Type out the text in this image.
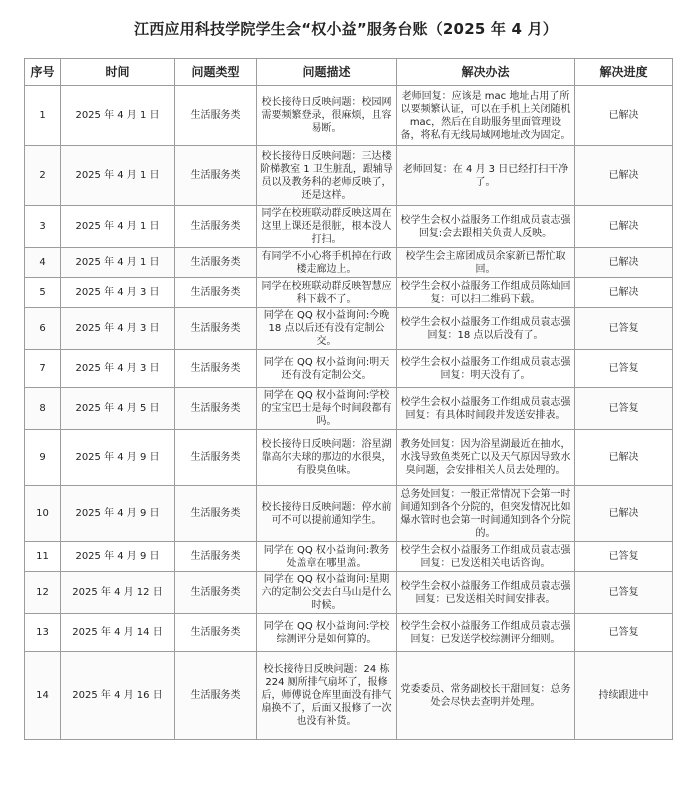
江西应用科技学院学生会“权小益”服务台账（2025 年 4 月）
序号	时间	问题类型	问题描述	解决办法	解决进度
1	2025 年 4 月 1 日	生活服务类	校长接待日反映问题：校园网需要频繁登录，很麻烦，且容易断。	老师回复：应该是 mac 地址占用了所以要频繁认证，可以在手机上关闭随机 mac，然后在自助服务里面管理设备，将私有无线局域网地址改为固定。	已解决
2	2025 年 4 月 1 日	生活服务类	校长接待日反映问题：三达楼阶梯教室 1 卫生脏乱，跟辅导员以及教务科的老师反映了，还是这样。	老师回复：在 4 月 3 日已经打扫干净了。	已解决
3	2025 年 4 月 1 日	生活服务类	同学在校班联动群反映这周在这里上课还是很脏，根本没人打扫。	校学生会权小益服务工作组成员袁志强回复:会去跟相关负责人反映。	已解决
4	2025 年 4 月 1 日	生活服务类	有同学不小心将手机掉在行政楼走廊边上。	校学生会主席团成员余家新已帮忙取回。	已解决
5	2025 年 4 月 3 日	生活服务类	同学在校班联动群反映智慧应科下载不了。	校学生会权小益服务工作组成员陈灿回复：可以扫二维码下载。	已解决
6	2025 年 4 月 3 日	生活服务类	同学在 QQ 权小益询问:今晚 18 点以后还有没有定制公交。	校学生会权小益服务工作组成员袁志强回复：18 点以后没有了。	已答复
7	2025 年 4 月 3 日	生活服务类	同学在 QQ 权小益询问:明天还有没有定制公交。	校学生会权小益服务工作组成员袁志强回复：明天没有了。	已答复
8	2025 年 4 月 5 日	生活服务类	同学在 QQ 权小益询问:学校的宝宝巴士是每个时间段都有吗。	校学生会权小益服务工作组成员袁志强回复：有具体时间段并发送安排表。	已答复
9	2025 年 4 月 9 日	生活服务类	校长接待日反映问题：浴星湖靠高尔夫球的那边的水很臭，有股臭鱼味。	教务处回复：因为浴星湖最近在抽水，水浅导致鱼类死亡以及天气原因导致水臭问题，会安排相关人员去处理的。	已解决
10	2025 年 4 月 9 日	生活服务类	校长接待日反映问题：停水前可不可以提前通知学生。	总务处回复：一般正常情况下会第一时间通知到各个分院的，但突发情况比如爆水管时也会第一时间通知到各个分院的。	已解决
11	2025 年 4 月 9 日	生活服务类	同学在 QQ 权小益询问:教务处盖章在哪里盖。	校学生会权小益服务工作组成员袁志强回复：已发送相关电话咨询。	已答复
12	2025 年 4 月 12 日	生活服务类	同学在 QQ 权小益询问:星期六的定制公交去白马山是什么时候。	校学生会权小益服务工作组成员袁志强回复：已发送相关时间安排表。	已答复
13	2025 年 4 月 14 日	生活服务类	同学在 QQ 权小益询问:学校综测评分是如何算的。	校学生会权小益服务工作组成员袁志强回复：已发送学校综测评分细则。	已答复
14	2025 年 4 月 16 日	生活服务类	校长接待日反映问题：24 栋 224 厕所排气扇坏了，报修后，师傅说仓库里面没有排气扇换不了，后面又报修了一次也没有补货。	党委委员、常务副校长干甜回复：总务处会尽快去查明并处理。	持续跟进中
